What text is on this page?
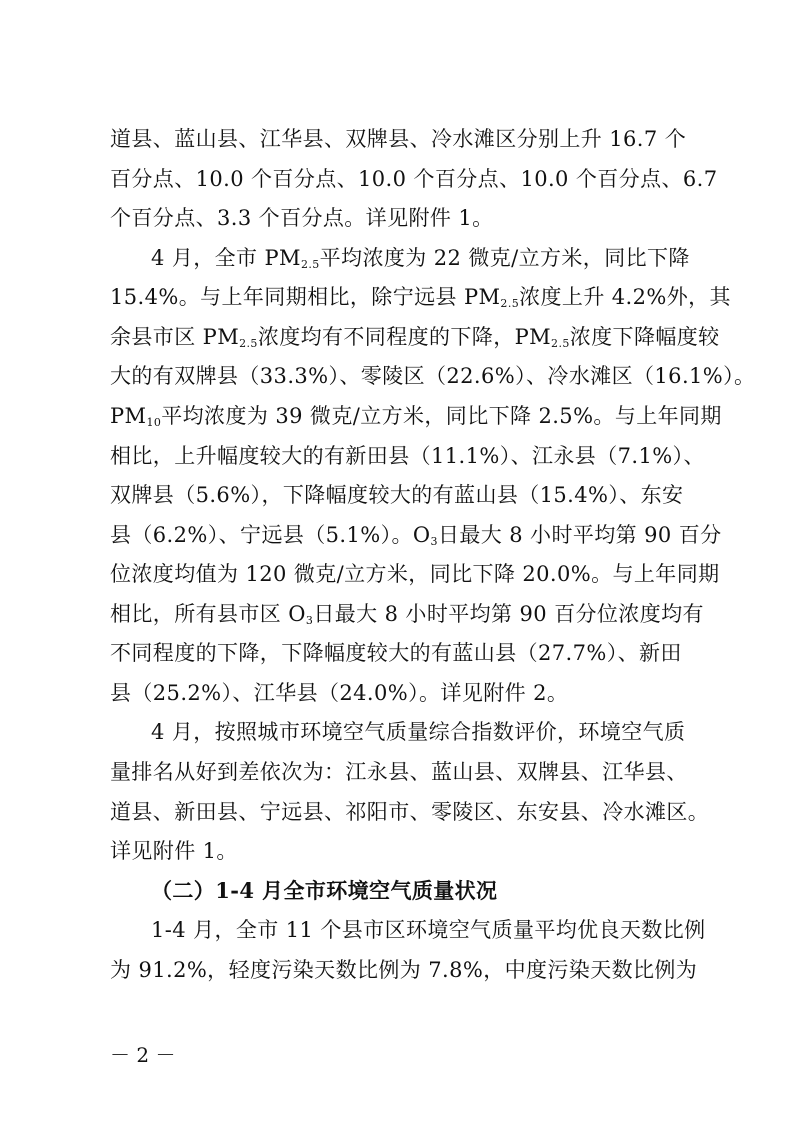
道县、蓝山县、江华县、双牌县、冷水滩区分别上升 16.7 个
百分点、10.0 个百分点、10.0 个百分点、10.0 个百分点、6.7
个百分点、3.3 个百分点。详见附件 1。
4 月，全市 $PM_{2.5}$平均浓度为 22 微克/立方米，同比下降
15.4%。与上年同期相比，除宁远县 $PM_{2.5}$浓度上升 4.2%外，其
余县市区 $PM_{2.5}$浓度均有不同程度的下降，$PM_{2.5}$浓度下降幅度较
大的有双牌县（33.3%）、零陵区（22.6%）、冷水滩区（16.1%）。
$PM_{10}$平均浓度为 39 微克/立方米，同比下降 2.5%。与上年同期
相比，上升幅度较大的有新田县（11.1%）、江永县（7.1%）、
双牌县（5.6%），下降幅度较大的有蓝山县（15.4%）、东安
县（6.2%）、宁远县（5.1%）。$O_3$日最大 8 小时平均第 90 百分
位浓度均值为 120 微克/立方米，同比下降 20.0%。与上年同期
相比，所有县市区 $O_3$日最大 8 小时平均第 90 百分位浓度均有
不同程度的下降，下降幅度较大的有蓝山县（27.7%）、新田
县（25.2%）、江华县（24.0%）。详见附件 2。
4 月，按照城市环境空气质量综合指数评价，环境空气质
量排名从好到差依次为：江永县、蓝山县、双牌县、江华县、
道县、新田县、宁远县、祁阳市、零陵区、东安县、冷水滩区。
详见附件 1。
（二）1-4 月全市环境空气质量状况
1-4 月，全市 11 个县市区环境空气质量平均优良天数比例
为 91.2%，轻度污染天数比例为 7.8%，中度污染天数比例为
－ 2 －
